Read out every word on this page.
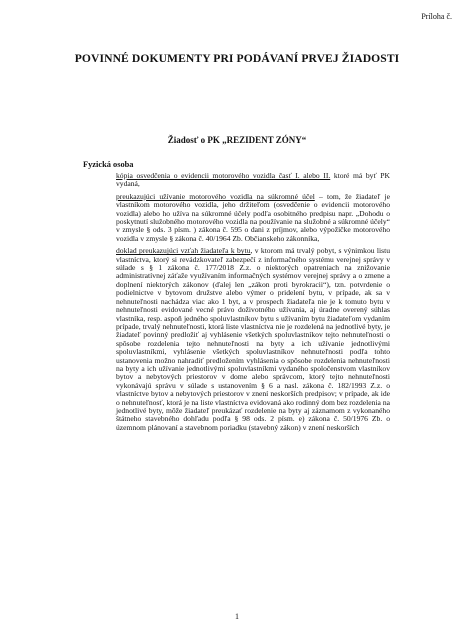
Príloha č.
POVINNÉ DOKUMENTY PRI PODÁVANÍ PRVEJ ŽIADOSTI
Žiadosť o PK „REZIDENT ZÓNY“
Fyzická osoba

kópia osvedčenia o evidencii motorového vozidla časť I. alebo II. ktoré má byť PK vydaná,

preukazujúci užívanie motorového vozidla na súkromné účel – tom, že žiadateľ je vlastníkom motorového vozidla, jeho držiteľom (osvedčenie o evidencii motorového vozidla) alebo ho užíva na súkromné účely podľa osobitného predpisu napr. „Dohodu o poskytnutí služobného motorového vozidla na používanie na služobné a súkromné účely“ v zmysle § ods. 3 písm. ) zákona č. 595 o dani z príjmov, alebo výpožičke motorového vozidla v zmysle § zákona č. 40/1964 Zb. Občianskeho zákonníka,

doklad preukazujúci vzťah žiadateľa k bytu, v ktorom má trvalý pobyt, s výnimkou listu vlastníctva, ktorý si revádzkovateľ zabezpečí z informačného systému verejnej správy v súlade s § 1 zákona č. 177/2018 Z.z. o niektorých opatreniach na znižovanie administratívnej záťaže využívaním informačných systémov verejnej správy a o zmene a doplnení niektorých zákonov (ďalej len „zákon proti byrokracii“), tzn. potvrdenie o podielnictve v bytovom družstve alebo výmer o pridelení bytu, v prípade, ak sa v nehnuteľnosti nachádza viac ako 1 byt, a v prospech žiadateľa nie je k tomuto bytu v nehnuteľnosti evidované vecné právo doživotného užívania, aj úradne overený súhlas vlastníka, resp. aspoň jedného spoluvlastníkov bytu s užívaním bytu žiadateľom vydaním prípade, trvalý nehnuteľnosti, ktorá liste vlastníctva nie je rozdelená na jednotlivé byty, je žiadateľ povinný predložiť aj vyhlásenie všetkých spoluvlastníkov tejto nehnuteľnosti o spôsobe rozdelenia tejto nehnuteľnosti na byty a ich užívanie jednotlivými spoluvlastníkmi, vyhlásenie všetkých spoluvlastníkov nehnuteľnosti podľa tohto ustanovenia možno nahradiť predložením vyhlásenia o spôsobe rozdelenia nehnuteľnosti na byty a ich užívanie jednotlivými spoluvlastníkmi vydaného spoločenstvom vlastníkov bytov a nebytových priestorov v dome alebo správcom, ktorý tejto nehnuteľnosti vykonávajú správu v súlade s ustanovením § 6 a nasl. zákona č. 182/1993 Z.z. o vlastníctve bytov a nebytových priestorov v znení neskorších predpisov; v prípade, ak ide o nehnuteľnosť, ktorá je na liste vlastníctva evidovaná ako rodinný dom bez rozdelenia na jednotlivé byty, môže žiadateľ preukázať rozdelenie na byty aj záznamom z vykonaného štátneho stavebného dohľadu podľa § 98 ods. 2 písm. e) zákona č. 50/1976 Zb. o územnom plánovaní a stavebnom poriadku (stavebný zákon) v znení neskorších

1
